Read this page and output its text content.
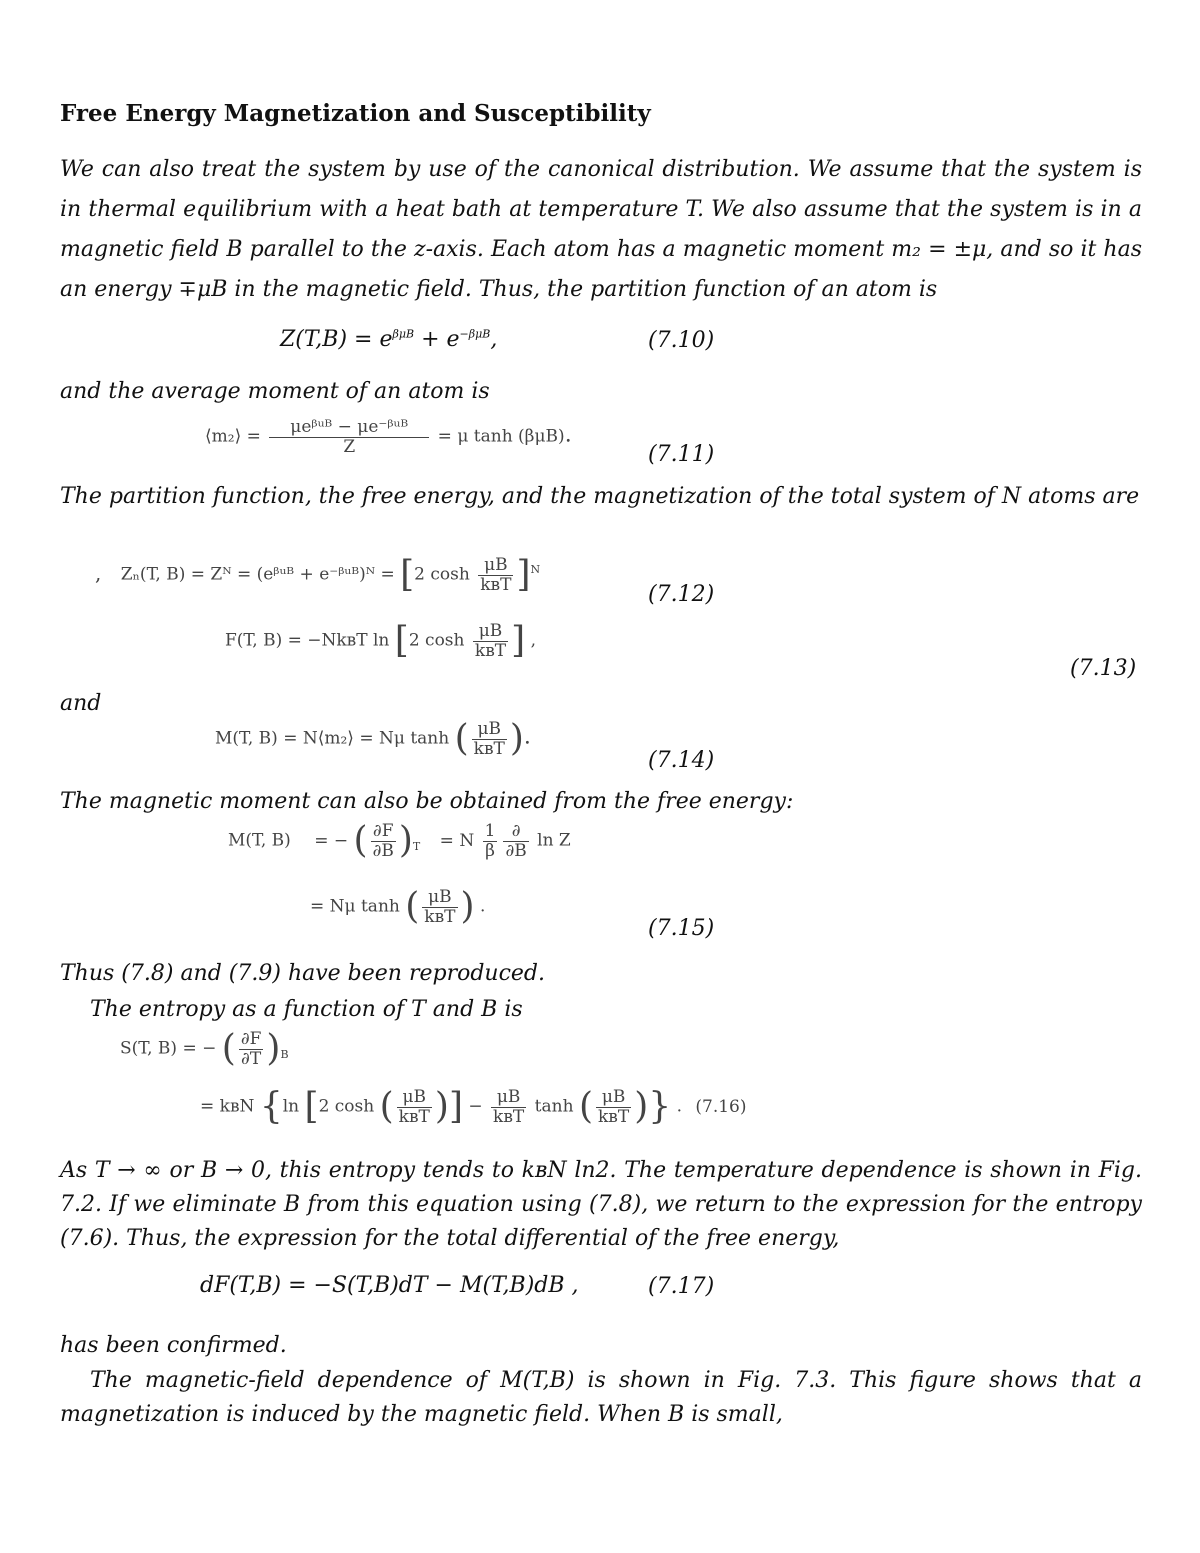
Free Energy Magnetization and Susceptibility
We can also treat the system by use of the canonical distribution. We assume that the system is in thermal equilibrium with a heat bath at temperature T. We also assume that the system is in a magnetic field B parallel to the z-axis. Each atom has a magnetic moment m₂ = ±μ, and so it has an energy ∓μB in the magnetic field. Thus, the partition function of an atom is
$Z(T,B) = e^{\beta\mu B} + e^{-\beta\mu B}$,	(7.10)
and the average moment of an atom is
⟨m₂⟩ = $\frac{\text{μeᵝᵘᴮ − μe⁻ᵝᵘᴮ}}{Z} = \mu$ tanh (βμB).
(7.11)
The partition function, the free energy, and the magnetization of the total system of N atoms are
, Zₙ(T, B) = Zᴺ = (eᵝᵘᴮ + e⁻ᵝᵘᴮ)ᴺ = [2 $\cosh \frac{\mu B}{\text{kʙT}} ]^N$
(7.12)
F(T, B) = −NkʙT ln [2 $\cosh \frac{\mu B}{\text{kʙT}}$ ] ,
(7.13)
and
M(T, B) = N⟨m₂⟩ = Nμ tanh ( $\frac{\mu B}{\text{kʙT}}$ ).
(7.14)
The magnetic moment can also be obtained from the free energy:
M(T, B) = − ( $\frac{\partial F}{\partial B} )_T = N \frac{1}{\beta} \frac{\partial}{\partial B}$ ln Z
= Nμ tanh ( $\frac{\mu B}{\text{kʙT}}$ ) .
(7.15)
Thus (7.8) and (7.9) have been reproduced.
The entropy as a function of T and B is
S(T, B) = − ( $\frac{\partial F}{\partial T} )_B$
= kʙN {ln [2 cosh ( $\frac{\mu B}{\text{kʙT}}$ )] − $\frac{\mu B}{\text{kʙT}}$ tanh ( $\frac{\mu B}{\text{kʙT}}$ )} . (7.16)
As T → ∞ or B → 0, this entropy tends to kʙN ln2. The temperature dependence is shown in Fig. 7.2. If we eliminate B from this equation using (7.8), we return to the expression for the entropy (7.6). Thus, the expression for the total differential of the free energy,
dF(T,B) = −S(T,B)dT − M(T,B)dB ,	(7.17)
has been confirmed.
The magnetic-field dependence of M(T,B) is shown in Fig. 7.3. This figure shows that a magnetization is induced by the magnetic field. When B is small,
